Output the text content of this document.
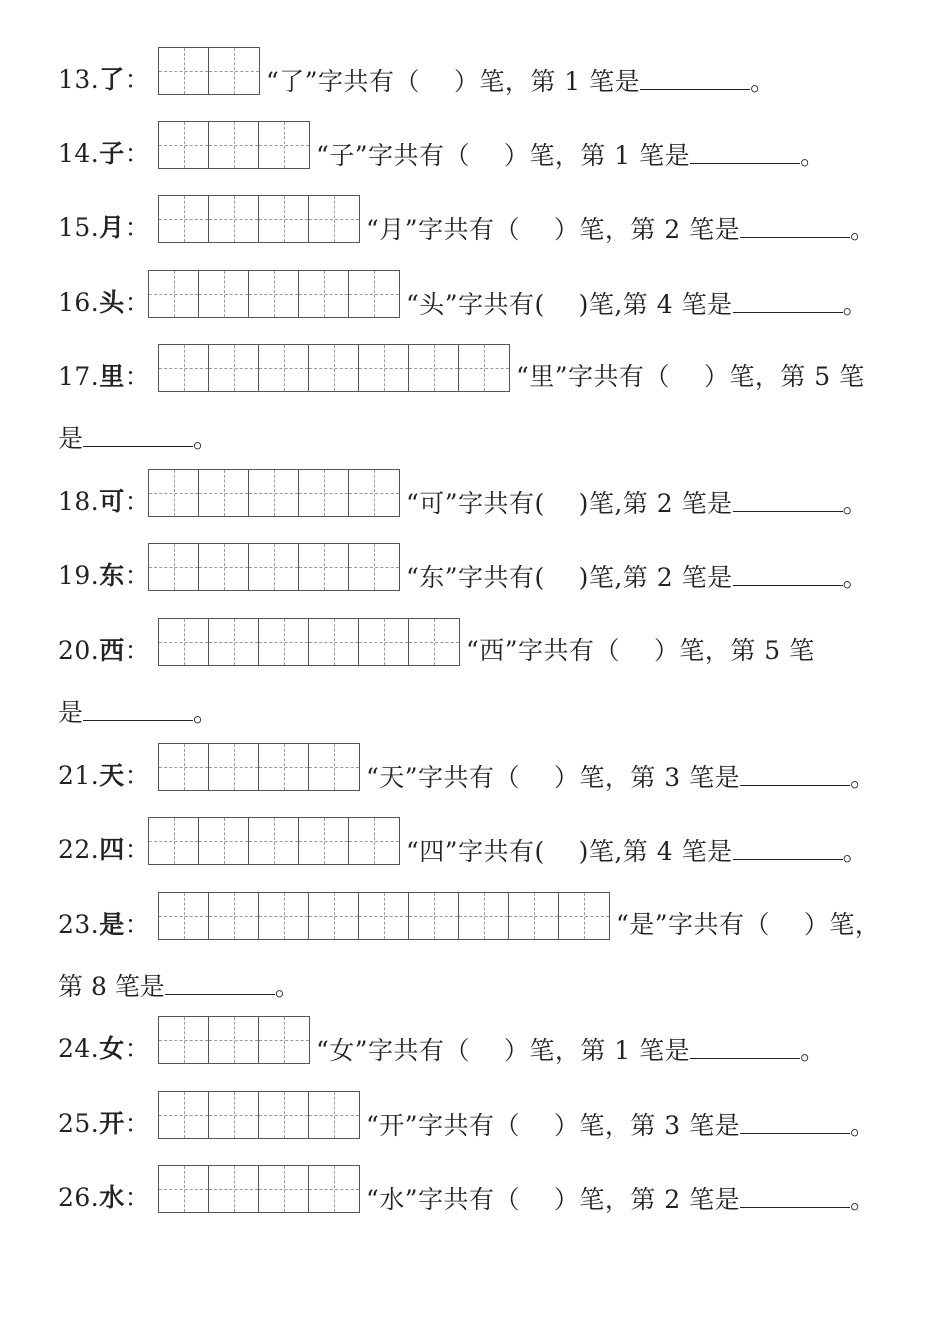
13.了：	“了”字共有（    ）笔，第 1 笔是	。
14.子：	“子”字共有（    ）笔，第 1 笔是	。
15.月：	“月”字共有（    ）笔，第 2 笔是	。
16.头：	“头”字共有(    )笔,第 4 笔是	。
17.里：	“里”字共有（    ）笔，第 5 笔
是	。
18.可：	“可”字共有(    )笔,第 2 笔是	。
19.东：	“东”字共有(    )笔,第 2 笔是	。
20.西：	“西”字共有（    ）笔，第 5 笔
是	。
21.天：	“天”字共有（    ）笔，第 3 笔是	。
22.四：	“四”字共有(    )笔,第 4 笔是	。
23.是：	“是”字共有（    ）笔，
第 8 笔是	。
24.女：	“女”字共有（    ）笔，第 1 笔是	。
25.开：	“开”字共有（    ）笔，第 3 笔是	。
26.水：	“水”字共有（    ）笔，第 2 笔是	。
